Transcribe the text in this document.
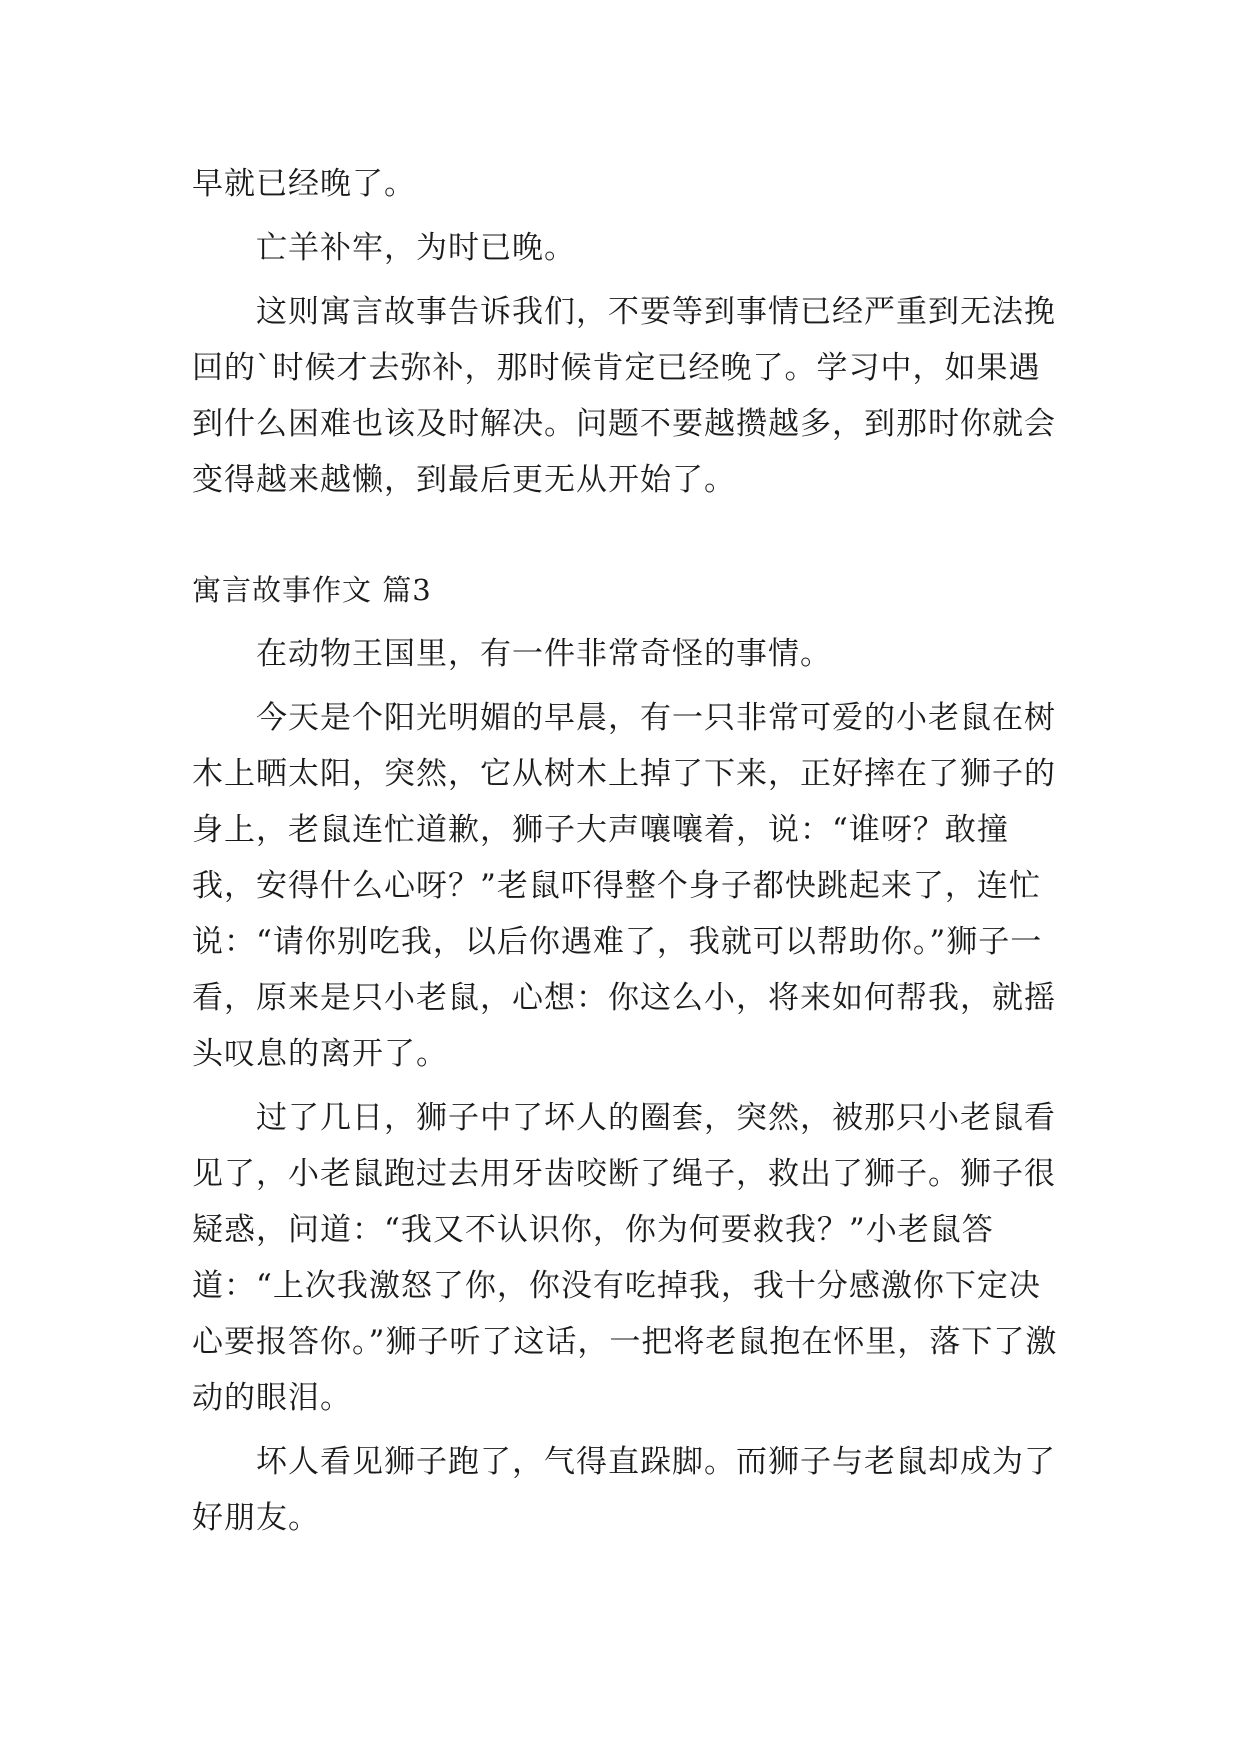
早就已经晚了。

亡羊补牢，为时已晚。

这则寓言故事告诉我们，不要等到事情已经严重到无法挽回的`时候才去弥补，那时候肯定已经晚了。学习中，如果遇到什么困难也该及时解决。问题不要越攒越多，到那时你就会变得越来越懒，到最后更无从开始了。

寓言故事作文 篇3

在动物王国里，有一件非常奇怪的事情。

今天是个阳光明媚的早晨，有一只非常可爱的小老鼠在树木上晒太阳，突然，它从树木上掉了下来，正好摔在了狮子的身上，老鼠连忙道歉，狮子大声嚷嚷着，说：“谁呀？敢撞我，安得什么心呀？”老鼠吓得整个身子都快跳起来了，连忙说：“请你别吃我，以后你遇难了，我就可以帮助你。”狮子一看，原来是只小老鼠，心想：你这么小，将来如何帮我，就摇头叹息的离开了。

过了几日，狮子中了坏人的圈套，突然，被那只小老鼠看见了，小老鼠跑过去用牙齿咬断了绳子，救出了狮子。狮子很疑惑，问道：“我又不认识你，你为何要救我？”小老鼠答道：“上次我激怒了你，你没有吃掉我，我十分感激你下定决心要报答你。”狮子听了这话，一把将老鼠抱在怀里，落下了激动的眼泪。

坏人看见狮子跑了，气得直跺脚。而狮子与老鼠却成为了好朋友。
